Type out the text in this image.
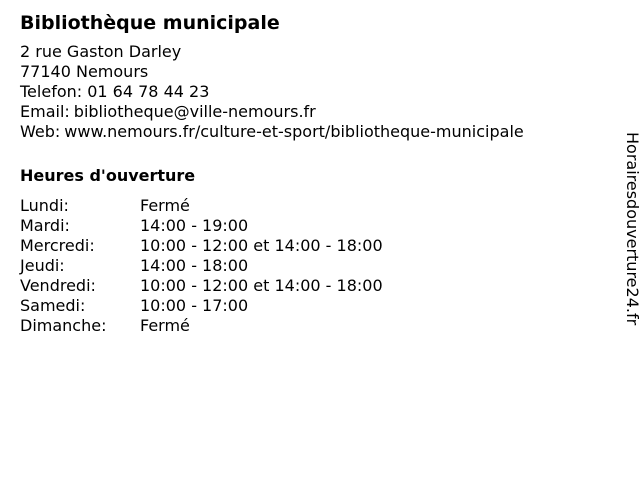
Bibliothèque municipale
2 rue Gaston Darley
77140 Nemours
Telefon: 01 64 78 44 23
Email: bibliotheque@ville-nemours.fr
Web: www.nemours.fr/culture-et-sport/bibliotheque-municipale
Heures d'ouverture
Lundi:	Fermé
Mardi:	14:00 - 19:00
Mercredi:	10:00 - 12:00 et 14:00 - 18:00
Jeudi:	14:00 - 18:00
Vendredi:	10:00 - 12:00 et 14:00 - 18:00
Samedi:	10:00 - 17:00
Dimanche: Fermé
Horairesdouverture24.fr
